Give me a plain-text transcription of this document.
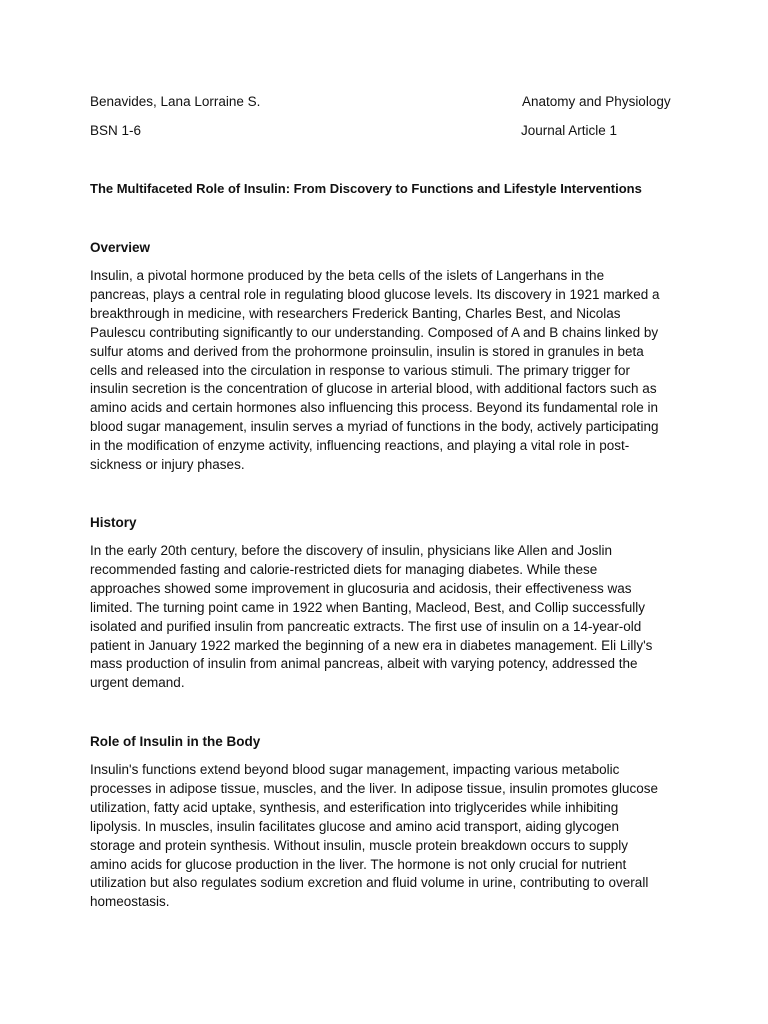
Benavides, Lana Lorraine S.	Anatomy and Physiology
BSN 1-6	Journal Article 1
The Multifaceted Role of Insulin: From Discovery to Functions and Lifestyle Interventions
Overview

Insulin, a pivotal hormone produced by the beta cells of the islets of Langerhans in the
pancreas, plays a central role in regulating blood glucose levels. Its discovery in 1921 marked a
breakthrough in medicine, with researchers Frederick Banting, Charles Best, and Nicolas
Paulescu contributing significantly to our understanding. Composed of A and B chains linked by
sulfur atoms and derived from the prohormone proinsulin, insulin is stored in granules in beta
cells and released into the circulation in response to various stimuli. The primary trigger for
insulin secretion is the concentration of glucose in arterial blood, with additional factors such as
amino acids and certain hormones also influencing this process. Beyond its fundamental role in
blood sugar management, insulin serves a myriad of functions in the body, actively participating
in the modification of enzyme activity, influencing reactions, and playing a vital role in post-
sickness or injury phases.

History

In the early 20th century, before the discovery of insulin, physicians like Allen and Joslin
recommended fasting and calorie-restricted diets for managing diabetes. While these
approaches showed some improvement in glucosuria and acidosis, their effectiveness was
limited. The turning point came in 1922 when Banting, Macleod, Best, and Collip successfully
isolated and purified insulin from pancreatic extracts. The first use of insulin on a 14-year-old
patient in January 1922 marked the beginning of a new era in diabetes management. Eli Lilly's
mass production of insulin from animal pancreas, albeit with varying potency, addressed the
urgent demand.

Role of Insulin in the Body

Insulin's functions extend beyond blood sugar management, impacting various metabolic
processes in adipose tissue, muscles, and the liver. In adipose tissue, insulin promotes glucose
utilization, fatty acid uptake, synthesis, and esterification into triglycerides while inhibiting
lipolysis. In muscles, insulin facilitates glucose and amino acid transport, aiding glycogen
storage and protein synthesis. Without insulin, muscle protein breakdown occurs to supply
amino acids for glucose production in the liver. The hormone is not only crucial for nutrient
utilization but also regulates sodium excretion and fluid volume in urine, contributing to overall
homeostasis.
